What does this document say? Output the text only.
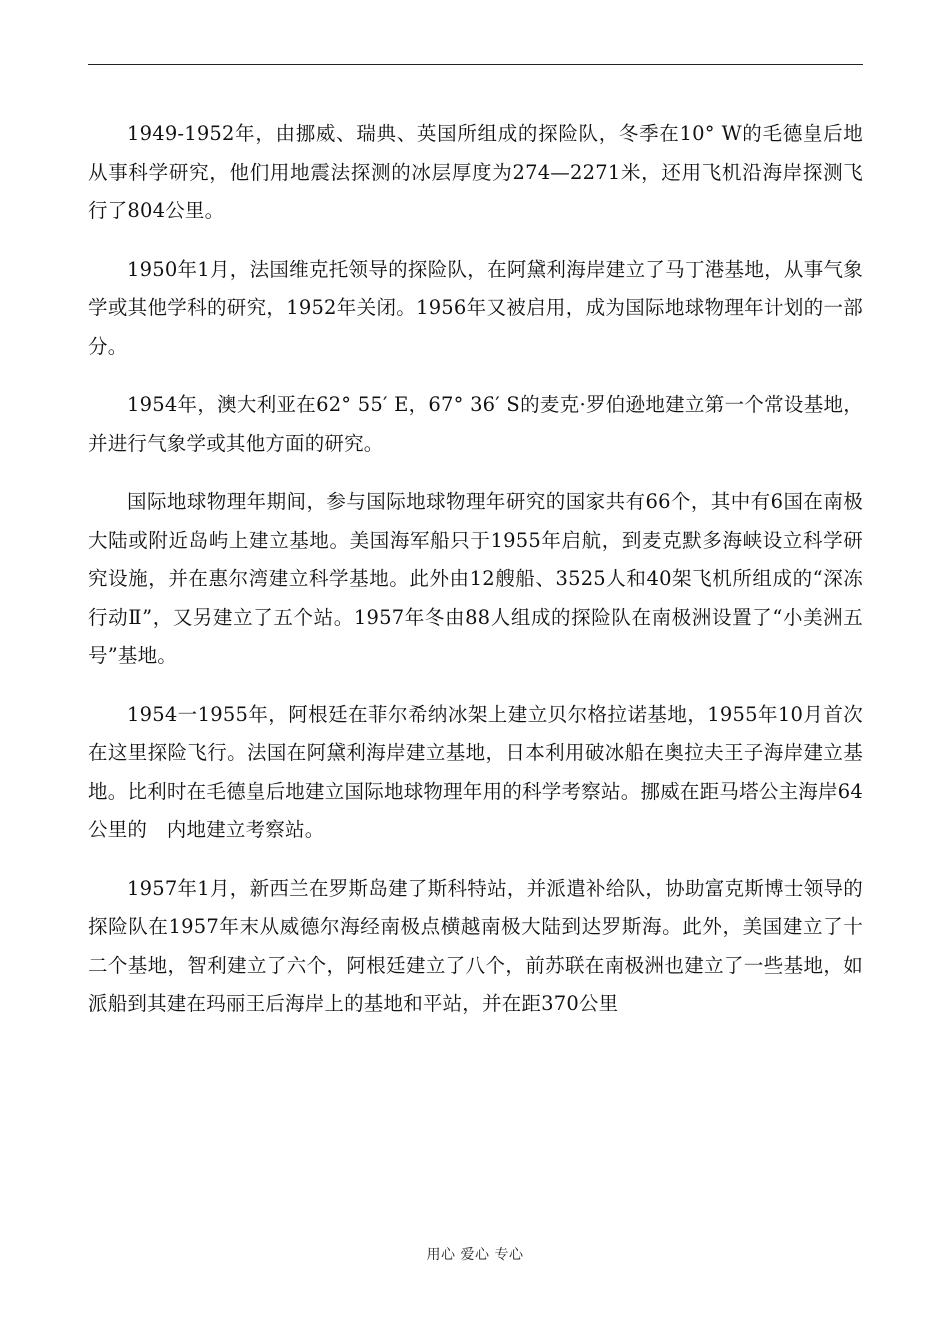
1949-1952年，由挪威、瑞典、英国所组成的探险队，冬季在10° W的毛德皇后地从事科学研究，他们用地震法探测的冰层厚度为274—2271米，还用飞机沿海岸探测飞行了804公里。

1950年1月，法国维克托领导的探险队，在阿黛利海岸建立了马丁港基地，从事气象学或其他学科的研究，1952年关闭。1956年又被启用，成为国际地球物理年计划的一部分。

1954年，澳大利亚在62° 55′ E，67° 36′ S的麦克·罗伯逊地建立第一个常设基地，并进行气象学或其他方面的研究。

国际地球物理年期间，参与国际地球物理年研究的国家共有66个，其中有6国在南极大陆或附近岛屿上建立基地。美国海军船只于1955年启航，到麦克默多海峡设立科学研究设施，并在惠尔湾建立科学基地。此外由12艘船、3525人和40架飞机所组成的“深冻行动Ⅱ”，又另建立了五个站。1957年冬由88人组成的探险队在南极洲设置了“小美洲五号”基地。

1954一1955年，阿根廷在菲尔希纳冰架上建立贝尔格拉诺基地，1955年10月首次在这里探险飞行。法国在阿黛利海岸建立基地，日本利用破冰船在奥拉夫王子海岸建立基地。比利时在毛德皇后地建立国际地球物理年用的科学考察站。挪威在距马塔公主海岸64公里的　内地建立考察站。

1957年1月，新西兰在罗斯岛建了斯科特站，并派遣补给队，协助富克斯博士领导的探险队在1957年末从威德尔海经南极点横越南极大陆到达罗斯海。此外，美国建立了十二个基地，智利建立了六个，阿根廷建立了八个，前苏联在南极洲也建立了一些基地，如派船到其建在玛丽王后海岸上的基地和平站，并在距370公里

用心 爱心 专心
